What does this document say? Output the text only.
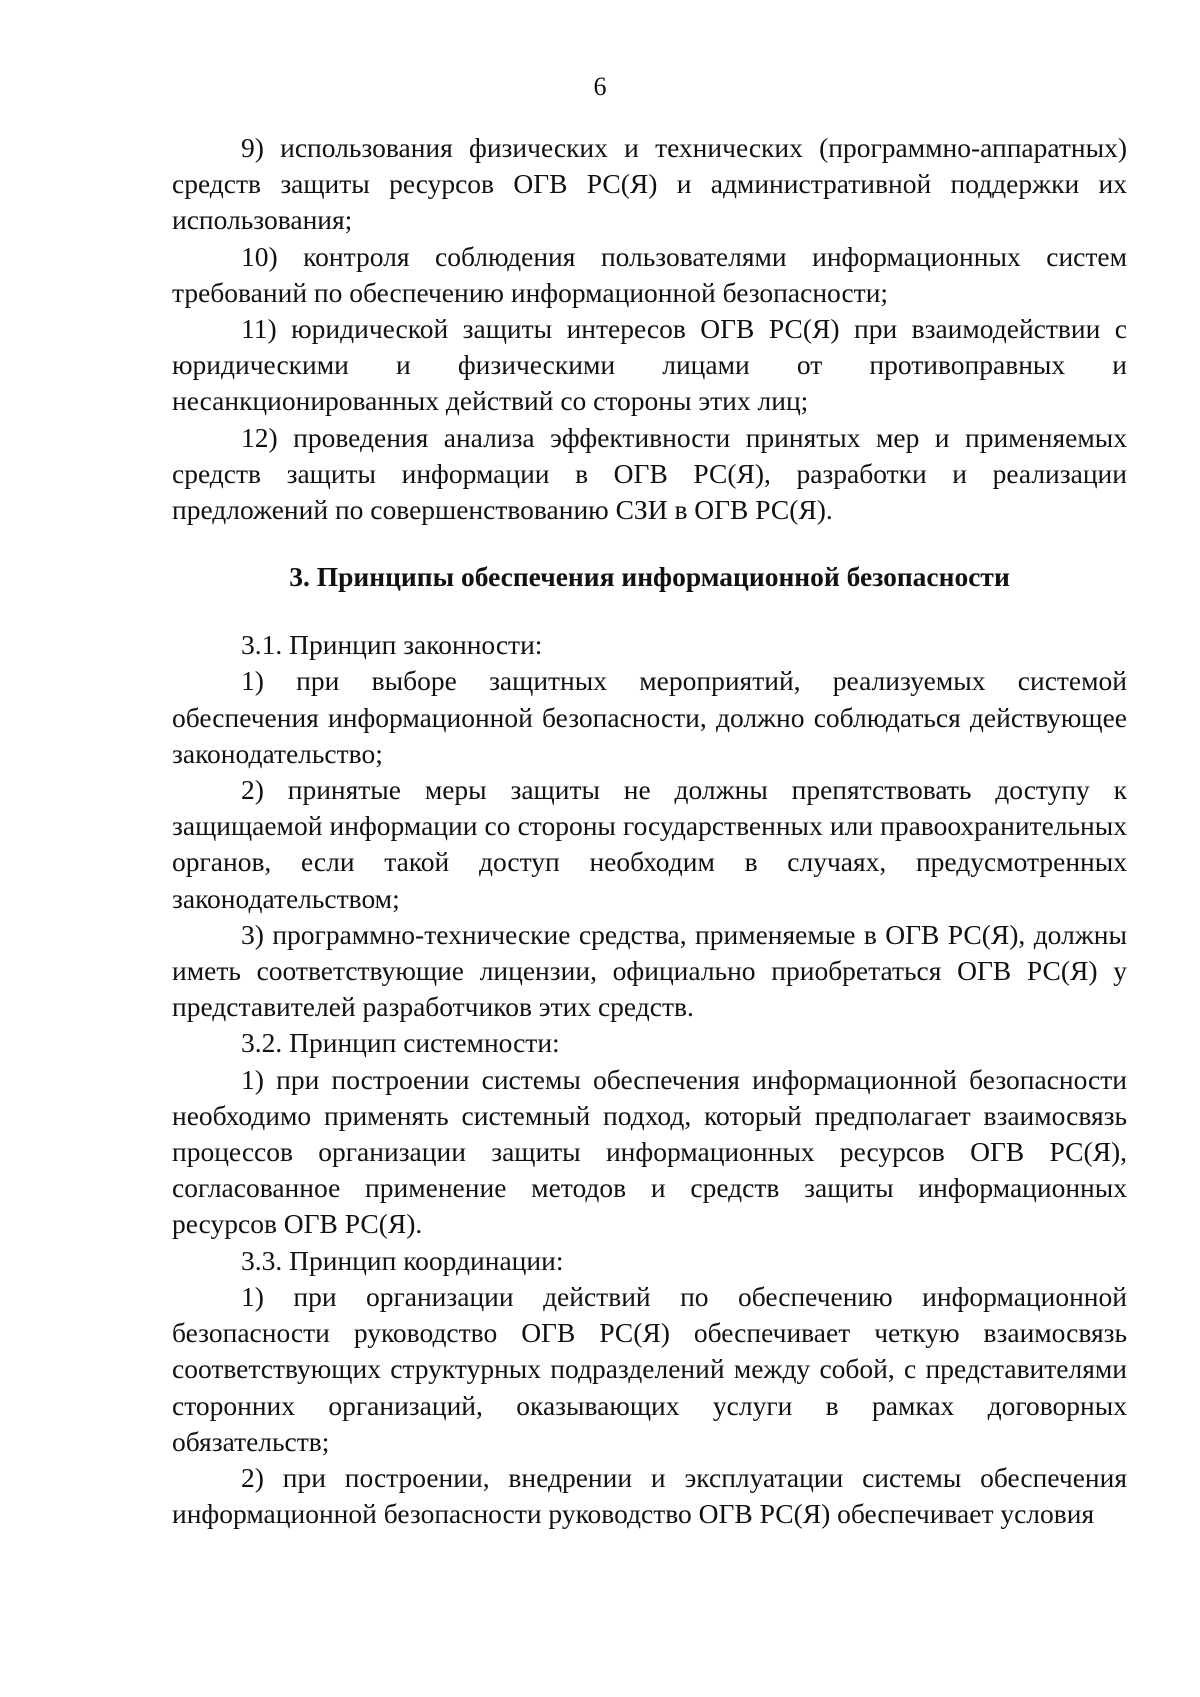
6

9) использования физических и технических (программно-аппаратных) средств защиты ресурсов ОГВ РС(Я) и административной поддержки их использования;

10) контроля соблюдения пользователями информационных систем требований по обеспечению информационной безопасности;

11) юридической защиты интересов ОГВ РС(Я) при взаимодействии с юридическими и физическими лицами от противоправных и несанкционированных действий со стороны этих лиц;

12) проведения анализа эффективности принятых мер и применяемых средств защиты информации в ОГВ РС(Я), разработки и реализации предложений по совершенствованию СЗИ в ОГВ РС(Я).

3. Принципы обеспечения информационной безопасности

3.1. Принцип законности:

1) при выборе защитных мероприятий, реализуемых системой обеспечения информационной безопасности, должно соблюдаться действующее законодательство;

2) принятые меры защиты не должны препятствовать доступу к защищаемой информации со стороны государственных или правоохранительных органов, если такой доступ необходим в случаях, предусмотренных законодательством;

3) программно-технические средства, применяемые в ОГВ РС(Я), должны иметь соответствующие лицензии, официально приобретаться ОГВ РС(Я) у представителей разработчиков этих средств.

3.2. Принцип системности:

1) при построении системы обеспечения информационной безопасности необходимо применять системный подход, который предполагает взаимосвязь процессов организации защиты информационных ресурсов ОГВ РС(Я), согласованное применение методов и средств защиты информационных ресурсов ОГВ РС(Я).

3.3. Принцип координации:

1) при организации действий по обеспечению информационной безопасности руководство ОГВ РС(Я) обеспечивает четкую взаимосвязь соответствующих структурных подразделений между собой, с представителями сторонних организаций, оказывающих услуги в рамках договорных обязательств;

2) при построении, внедрении и эксплуатации системы обеспечения информационной безопасности руководство ОГВ РС(Я) обеспечивает условия
